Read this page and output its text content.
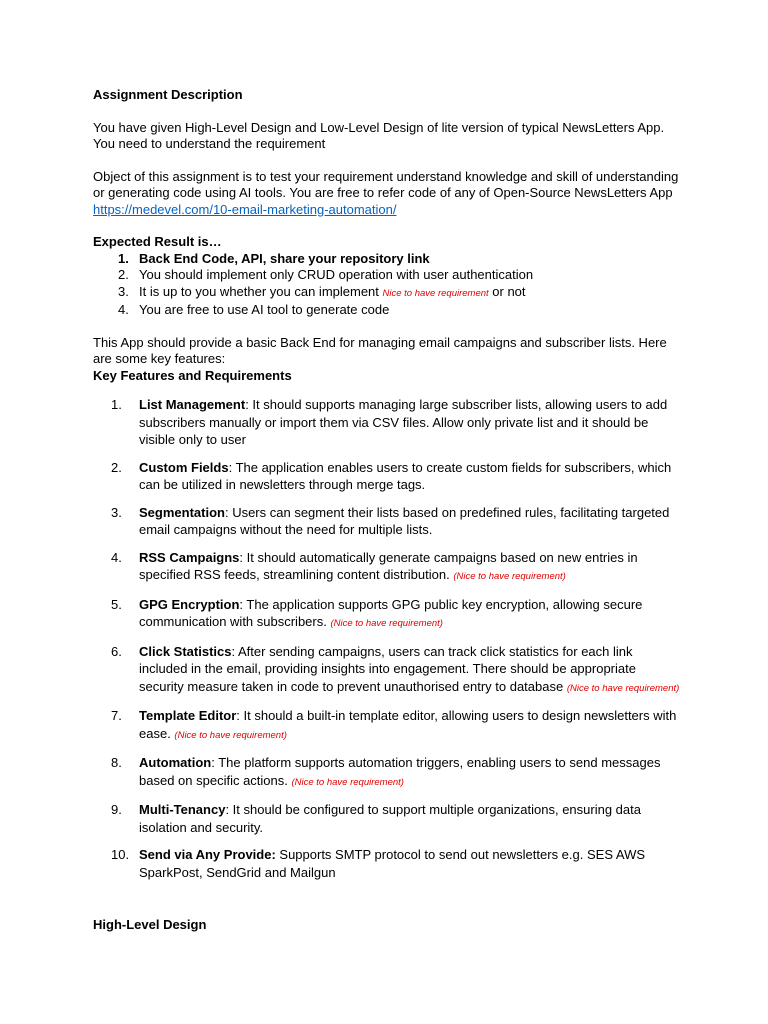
Assignment Description

You have given High-Level Design and Low-Level Design of lite version of typical NewsLetters App.
You need to understand the requirement

Object of this assignment is to test your requirement understand knowledge and skill of understanding or generating code using AI tools. You are free to refer code of any of Open-Source NewsLetters App https://medevel.com/10-email-marketing-automation/

Expected Result is…

1. Back End Code, API, share your repository link
2. You should implement only CRUD operation with user authentication
3. It is up to you whether you can implement Nice to have requirement or not
4. You are free to use AI tool to generate code

This App should provide a basic Back End for managing email campaigns and subscriber lists. Here are some key features:

Key Features and Requirements

1.	List Management: It should supports managing large subscriber lists, allowing users to add subscribers manually or import them via CSV files. Allow only private list and it should be visible only to user
2.	Custom Fields: The application enables users to create custom fields for subscribers, which can be utilized in newsletters through merge tags.
3.	Segmentation: Users can segment their lists based on predefined rules, facilitating targeted email campaigns without the need for multiple lists.
4.	RSS Campaigns: It should automatically generate campaigns based on new entries in specified RSS feeds, streamlining content distribution. (Nice to have requirement)
5.	GPG Encryption: The application supports GPG public key encryption, allowing secure communication with subscribers. (Nice to have requirement)
6.	Click Statistics: After sending campaigns, users can track click statistics for each link included in the email, providing insights into engagement. There should be appropriate security measure taken in code to prevent unauthorised entry to database (Nice to have requirement)
7.	Template Editor: It should a built-in template editor, allowing users to design newsletters with ease. (Nice to have requirement)
8.	Automation: The platform supports automation triggers, enabling users to send messages based on specific actions. (Nice to have requirement)
9.	Multi-Tenancy: It should be configured to support multiple organizations, ensuring data isolation and security.
10. Send via Any Provide: Supports SMTP protocol to send out newsletters e.g. SES AWS SparkPost, SendGrid and Mailgun

High-Level Design
